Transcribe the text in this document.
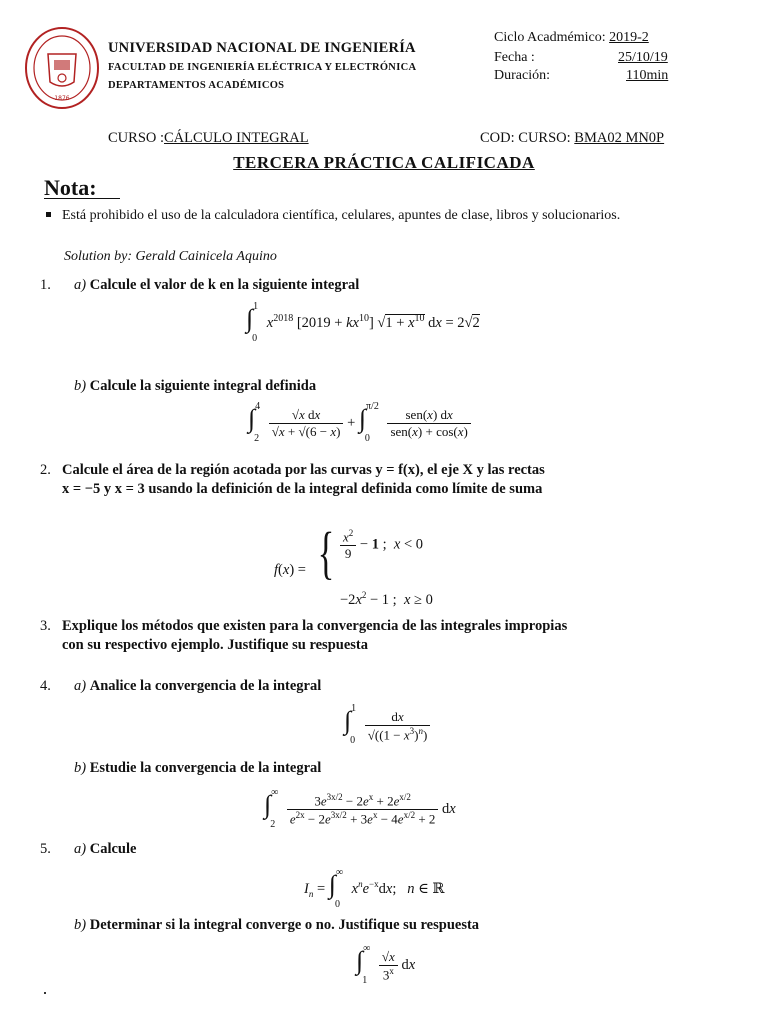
1876
UNIVERSIDAD NACIONAL DE INGENIERÍA
FACULTAD DE INGENIERÍA ELÉCTRICA Y ELECTRÓNICA
DEPARTAMENTOS ACADÉMICOS
Ciclo Acadmémico: 2019-2
Fecha :	25/10/19
Duración:	110min
CURSO :CÁLCULO INTEGRAL	COD: CURSO: BMA02 MN0P
TERCERA PRÁCTICA CALIFICADA
Nota:
Está prohibido el uso de la calculadora científica, celulares, apuntes de clase, libros y solucionarios.
Solution by: Gerald Cainicela Aquino
1. a) Calcule el valor de k en la siguiente integral
∫$^1_0$ $x^{2018}$ $[2019 + kx^{10}]$ $√1 + x^{10}$ dx = 2√2
b) Calcule la siguiente integral definida
$\int^4_2 \frac{\text{√x dx}}{√x + √(6 - x)} + \int^{\pi/2}_0 \frac{\text{sen(x) dx}}{\text{sen(x) + cos(x)}}$
2. Calcule el área de la región acotada por las curvas y = f(x), el eje X y las rectas
x = −5 y x = 3 usando la definición de la integral definida como límite de suma
f(x) = { $\frac{x^2}{9} - 1$ ;  x < 0
$-2x^2 - 1$ ;  x ≥ 0
3. Explique los métodos que existen para la convergencia de las integrales impropias
con su respectivo ejemplo. Justifique su respuesta
4. a) Analice la convergencia de la integral
$\int^1_0 \frac{dx}{√((1 - x^3)^n)}$
b) Estudie la convergencia de la integral
$\int^\infty_2 \frac{3e^{3x/2} - 2e^x + 2e^{x/2}}{e^{2x} - 2e^{3x/2} + 3e^x - 4e^{x/2} + 2}$ dx
5. a) Calcule
$I_n = \int^\infty_0$ $x^ne^{-x}dx$;   n ∈ ℝ
b) Determinar si la integral converge o no. Justifique su respuesta
$\int^\infty_1 \frac{√x}{3^x}$ dx
